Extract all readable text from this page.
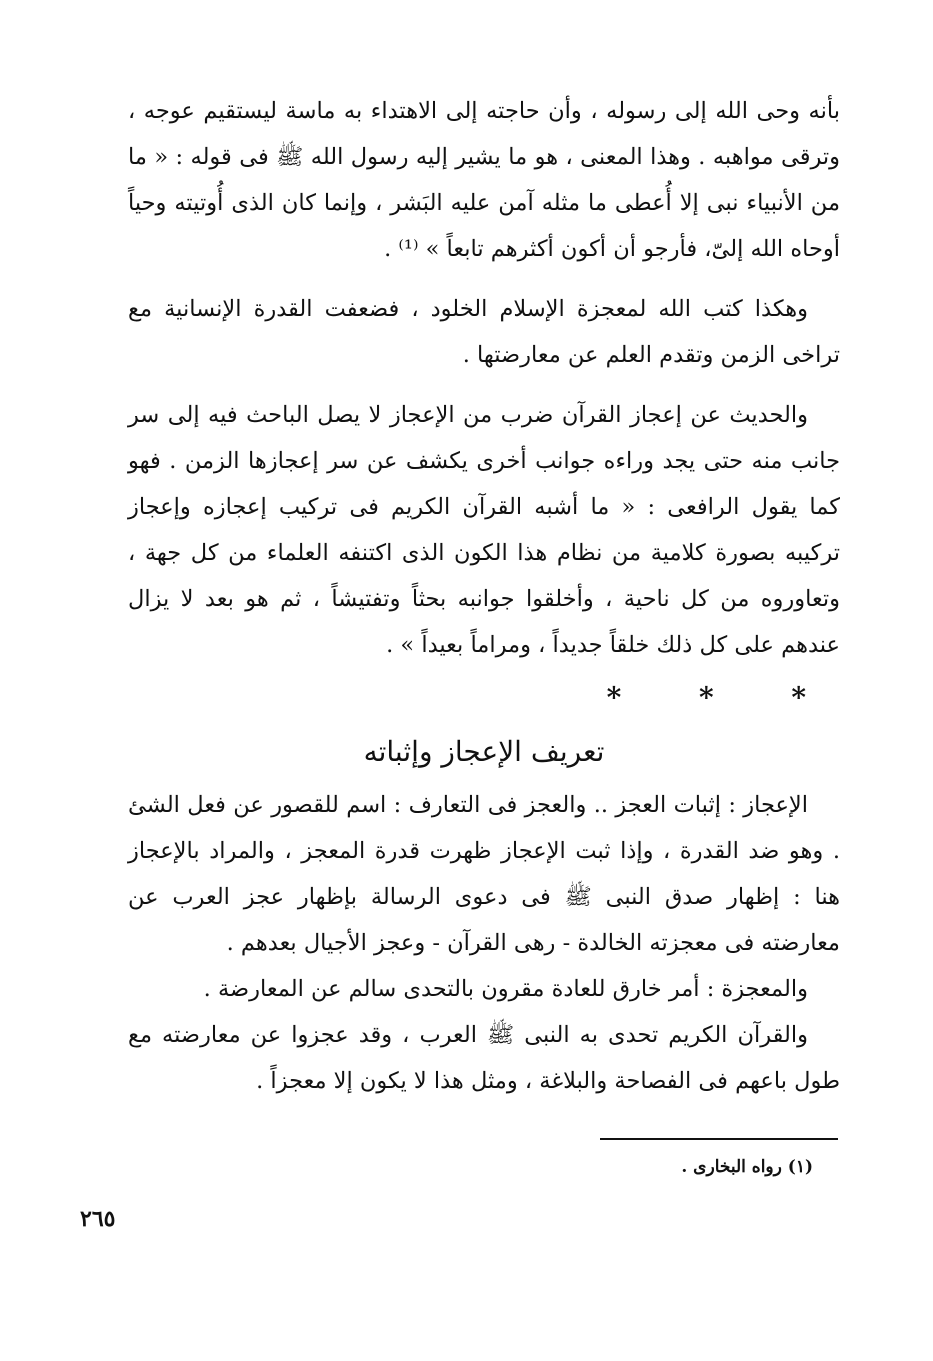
بأنه وحى الله إلى رسوله ، وأن حاجته إلى الاهتداء به ماسة ليستقيم عوجه ، وترقى مواهبه . وهذا المعنى ، هو ما يشير إليه رسول الله ﷺ فى قوله : « ما من الأنبياء نبى إلا أُعطى ما مثله آمن عليه البَشر ، وإنما كان الذى أُوتيته وحياً أوحاه الله إلىّ، فأرجو أن أكون أكثرهم تابعاً » ⁽¹⁾ .

وهكذا كتب الله لمعجزة الإسلام الخلود ، فضعفت القدرة الإنسانية مع تراخى الزمن وتقدم العلم عن معارضتها .

والحديث عن إعجاز القرآن ضرب من الإعجاز لا يصل الباحث فيه إلى سر جانب منه حتى يجد وراءه جوانب أخرى يكشف عن سر إعجازها الزمن . فهو كما يقول الرافعى : « ما أشبه القرآن الكريم فى تركيب إعجازه وإعجاز تركيبه بصورة كلامية من نظام هذا الكون الذى اكتنفه العلماء من كل جهة ، وتعاوروه من كل ناحية ، وأخلقوا جوانبه بحثاً وتفتيشاً ، ثم هو بعد لا يزال عندهم على كل ذلك خلقاً جديداً ، ومراماً بعيداً » .

* * *
تعريف الإعجاز وإثباته

الإعجاز : إثبات العجز .. والعجز فى التعارف : اسم للقصور عن فعل الشئ . وهو ضد القدرة ، وإذا ثبت الإعجاز ظهرت قدرة المعجز ، والمراد بالإعجاز هنا : إظهار صدق النبى ﷺ فى دعوى الرسالة بإظهار عجز العرب عن معارضته فى معجزته الخالدة - رهى القرآن - وعجز الأجيال بعدهم .

والمعجزة : أمر خارق للعادة مقرون بالتحدى سالم عن المعارضة .

والقرآن الكريم تحدى به النبى ﷺ العرب ، وقد عجزوا عن معارضته مع طول باعهم فى الفصاحة والبلاغة ، ومثل هذا لا يكون إلا معجزاً .

(١) رواه البخارى .
٢٦٥
